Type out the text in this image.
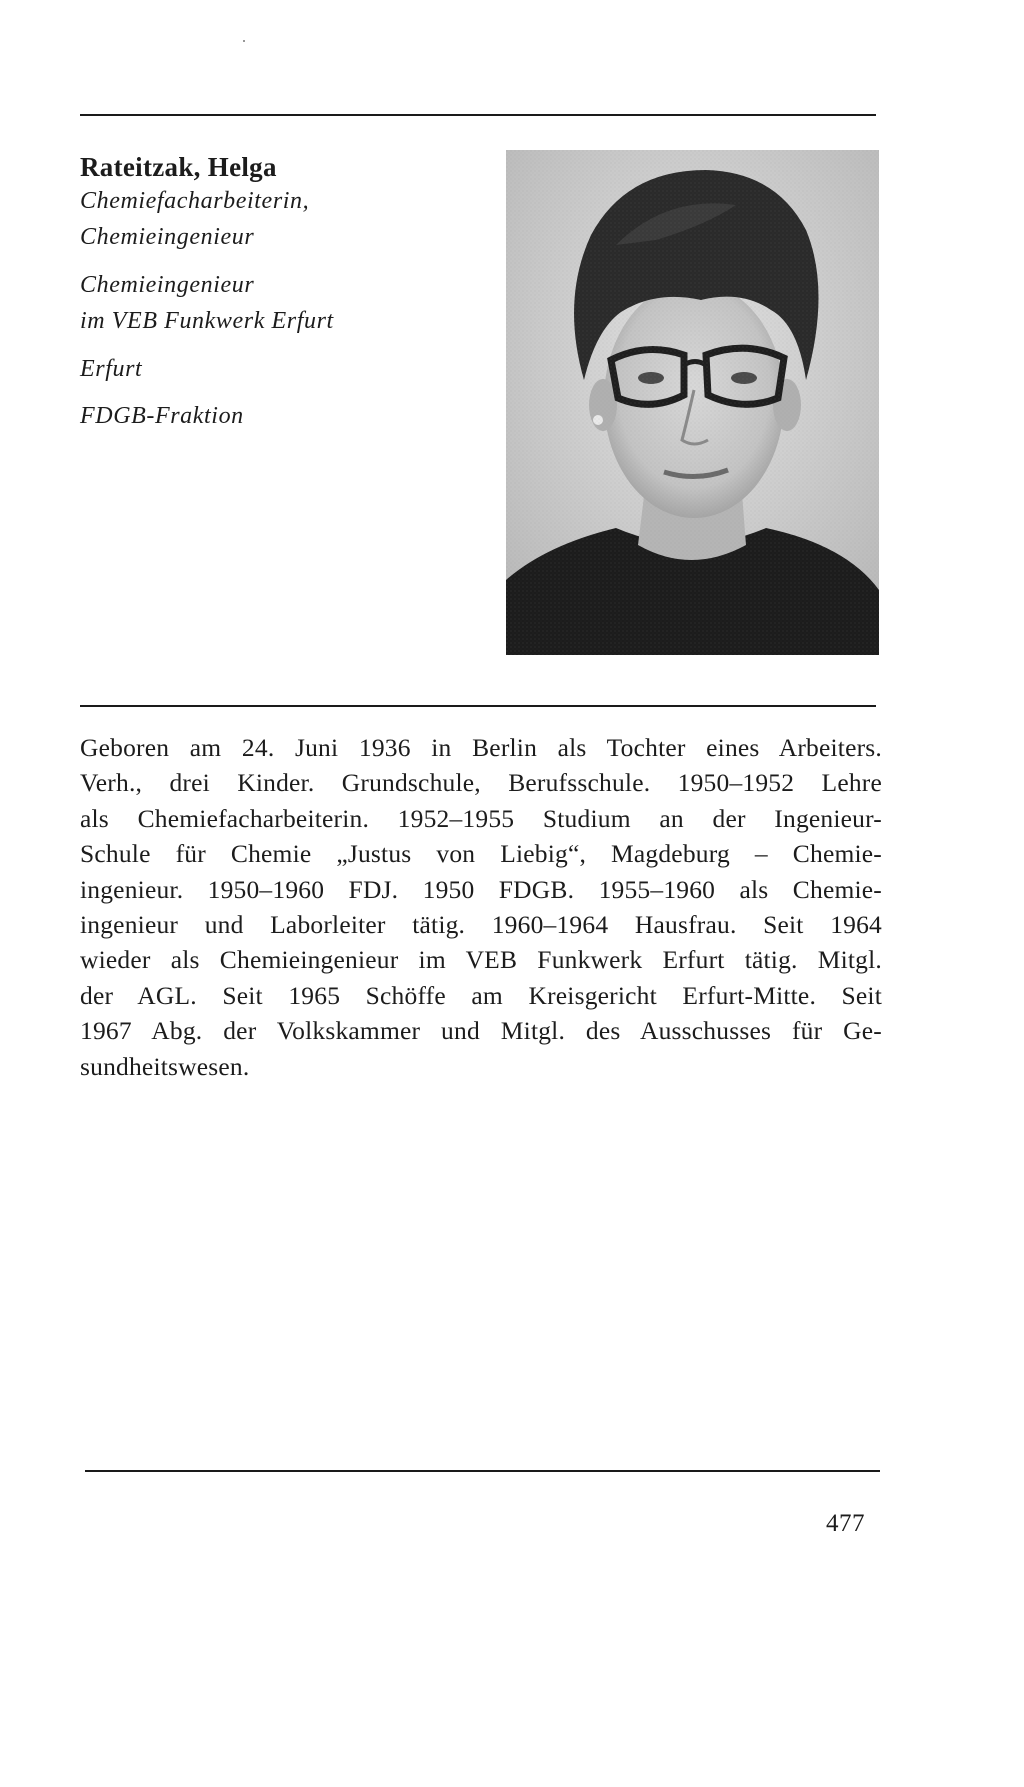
Rateitzak, Helga
Chemiefacharbeiterin,
Chemieingenieur
Chemieingenieur
im VEB Funkwerk Erfurt
Erfurt
FDGB-Fraktion
Geboren am 24. Juni 1936 in Berlin als Tochter eines Arbeiters.
Verh., drei Kinder. Grundschule, Berufsschule. 1950–1952 Lehre
als Chemiefacharbeiterin. 1952–1955 Studium an der Ingenieur-
Schule für Chemie „Justus von Liebig“, Magdeburg – Chemie-
ingenieur. 1950–1960 FDJ. 1950 FDGB. 1955–1960 als Chemie-
ingenieur und Laborleiter tätig. 1960–1964 Hausfrau. Seit 1964
wieder als Chemieingenieur im VEB Funkwerk Erfurt tätig. Mitgl.
der AGL. Seit 1965 Schöffe am Kreisgericht Erfurt-Mitte. Seit
1967 Abg. der Volkskammer und Mitgl. des Ausschusses für Ge-
sundheitswesen.
477
